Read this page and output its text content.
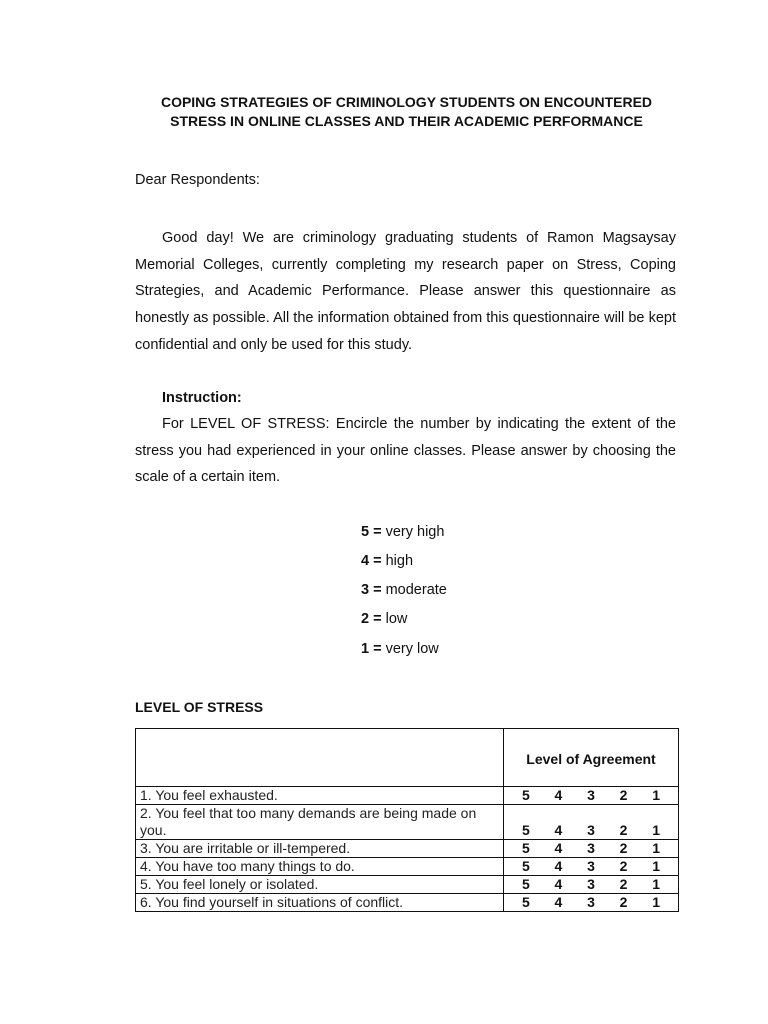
COPING STRATEGIES OF CRIMINOLOGY STUDENTS ON ENCOUNTERED
STRESS IN ONLINE CLASSES AND THEIR ACADEMIC PERFORMANCE
Dear Respondents:

Good day! We are criminology graduating students of Ramon Magsaysay Memorial Colleges, currently completing my research paper on Stress, Coping Strategies, and Academic Performance. Please answer this questionnaire as honestly as possible. All the information obtained from this questionnaire will be kept confidential and only be used for this study.

Instruction:

For LEVEL OF STRESS: Encircle the number by indicating the extent of the stress you had experienced in your online classes. Please answer by choosing the scale of a certain item.

5 = very high
4 = high
3 = moderate
2 = low
1 = very low
LEVEL OF STRESS

	Level of Agreement

1. You feel exhausted.	5 4 3 2 1

2. You feel that too many demands are being made on you.	5 4 3 2 1

3. You are irritable or ill-tempered.	5 4 3 2 1

4. You have too many things to do.	5 4 3 2 1

5. You feel lonely or isolated.	5 4 3 2 1

6. You find yourself in situations of conflict.	5 4 3 2 1
